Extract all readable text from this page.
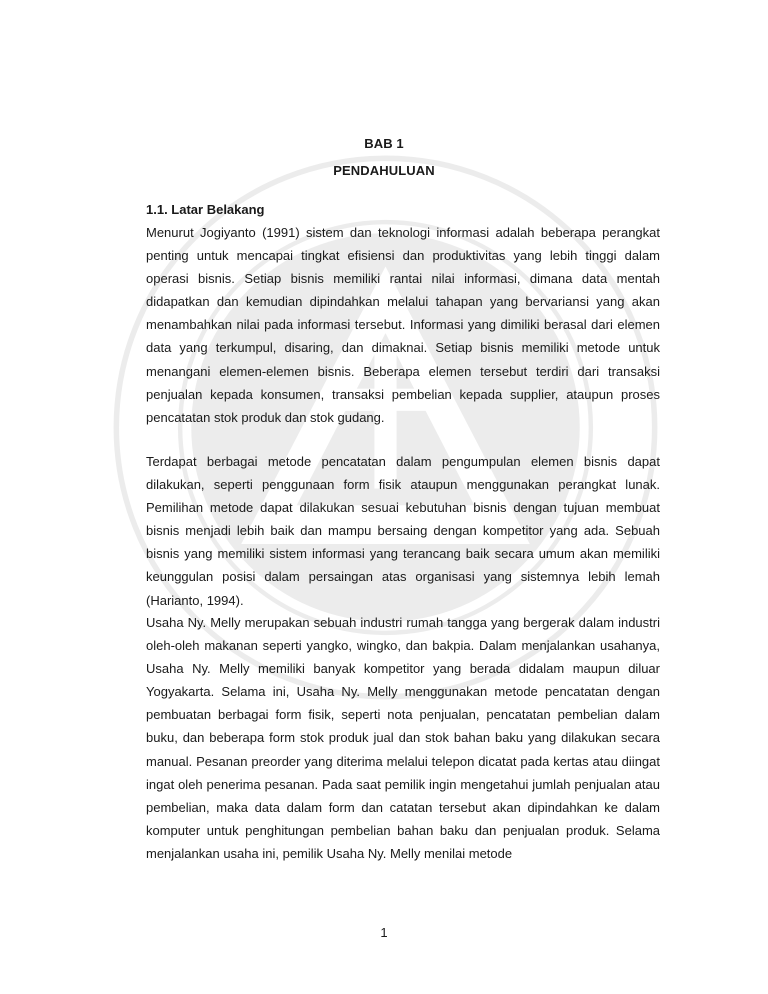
BAB 1
PENDAHULUAN
1.1. Latar Belakang

Menurut Jogiyanto (1991) sistem dan teknologi informasi adalah beberapa perangkat penting untuk mencapai tingkat efisiensi dan produktivitas yang lebih tinggi dalam operasi bisnis. Setiap bisnis memiliki rantai nilai informasi, dimana data mentah didapatkan dan kemudian dipindahkan melalui tahapan yang bervariansi yang akan menambahkan nilai pada informasi tersebut. Informasi yang dimiliki berasal dari elemen data yang terkumpul, disaring, dan dimaknai. Setiap bisnis memiliki metode untuk menangani elemen-elemen bisnis. Beberapa elemen tersebut terdiri dari transaksi penjualan kepada konsumen, transaksi pembelian kepada supplier, ataupun proses pencatatan stok produk dan stok gudang.

Terdapat berbagai metode pencatatan dalam pengumpulan elemen bisnis dapat dilakukan, seperti penggunaan form fisik ataupun menggunakan perangkat lunak. Pemilihan metode dapat dilakukan sesuai kebutuhan bisnis dengan tujuan membuat bisnis menjadi lebih baik dan mampu bersaing dengan kompetitor yang ada. Sebuah bisnis yang memiliki sistem informasi yang terancang baik secara umum akan memiliki keunggulan posisi dalam persaingan atas organisasi yang sistemnya lebih lemah (Harianto, 1994).

Usaha Ny. Melly merupakan sebuah industri rumah tangga yang bergerak dalam industri oleh-oleh makanan seperti yangko, wingko, dan bakpia. Dalam menjalankan usahanya, Usaha Ny. Melly memiliki banyak kompetitor yang berada didalam maupun diluar Yogyakarta. Selama ini, Usaha Ny. Melly menggunakan metode pencatatan dengan pembuatan berbagai form fisik, seperti nota penjualan, pencatatan pembelian dalam buku, dan beberapa form stok produk jual dan stok bahan baku yang dilakukan secara manual. Pesanan preorder yang diterima melalui telepon dicatat pada kertas atau diingat ingat oleh penerima pesanan. Pada saat pemilik ingin mengetahui jumlah penjualan atau pembelian, maka data dalam form dan catatan tersebut akan dipindahkan ke dalam komputer untuk penghitungan pembelian bahan baku dan penjualan produk. Selama menjalankan usaha ini, pemilik Usaha Ny. Melly menilai metode

1
